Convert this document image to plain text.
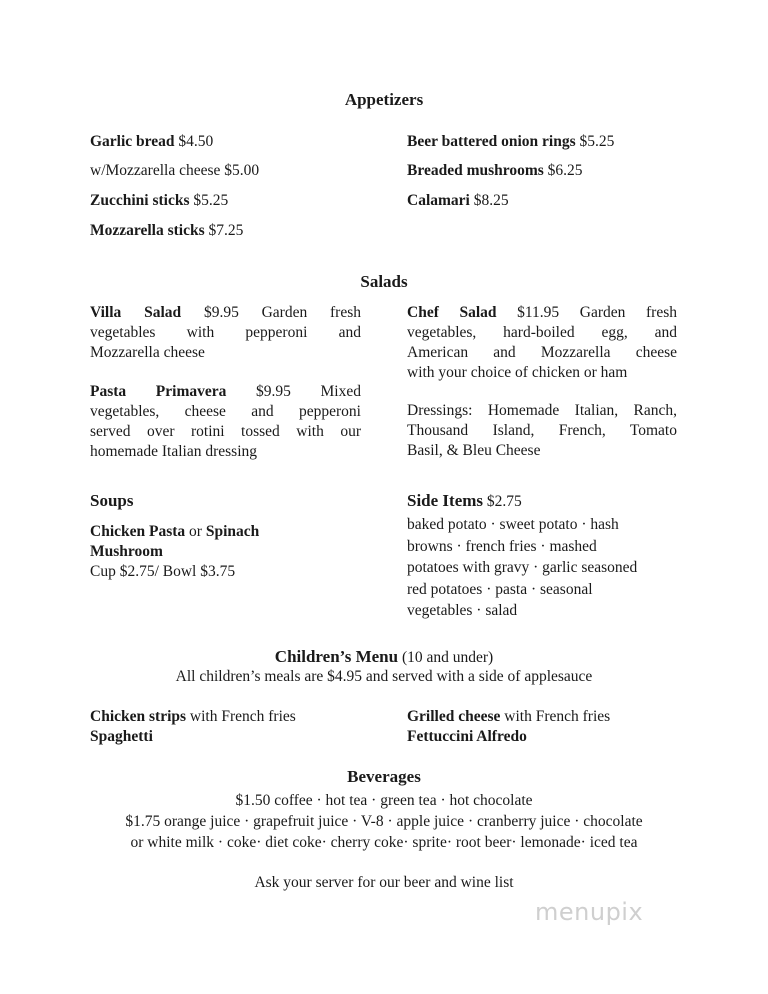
Appetizers
Garlic bread $4.50
w/Mozzarella cheese $5.00
Zucchini sticks $5.25
Mozzarella sticks $7.25
Beer battered onion rings $5.25
Breaded mushrooms $6.25
Calamari $8.25
Salads
Villa Salad $9.95 Garden fresh
vegetables with pepperoni and
Mozzarella cheese
Pasta Primavera $9.95 Mixed
vegetables, cheese and pepperoni
served over rotini tossed with our
homemade Italian dressing
Chef Salad $11.95 Garden fresh
vegetables, hard-boiled egg, and
American and Mozzarella cheese
with your choice of chicken or ham
Dressings: Homemade Italian, Ranch,
Thousand Island, French, Tomato
Basil, & Bleu Cheese
Soups
Chicken Pasta or Spinach
Mushroom
Cup $2.75/ Bowl $3.75
Side Items $2.75
baked potato · sweet potato · hash
browns · french fries · mashed
potatoes with gravy · garlic seasoned
red potatoes · pasta · seasonal
vegetables · salad
Children’s Menu (10 and under)
All children’s meals are $4.95 and served with a side of applesauce
Chicken strips with French fries
Spaghetti
Grilled cheese with French fries
Fettuccini Alfredo
Beverages
$1.50 coffee · hot tea · green tea · hot chocolate
$1.75 orange juice · grapefruit juice · V-8 · apple juice · cranberry juice · chocolate
or white milk · coke· diet coke· cherry coke· sprite· root beer· lemonade· iced tea
Ask your server for our beer and wine list
menupix
